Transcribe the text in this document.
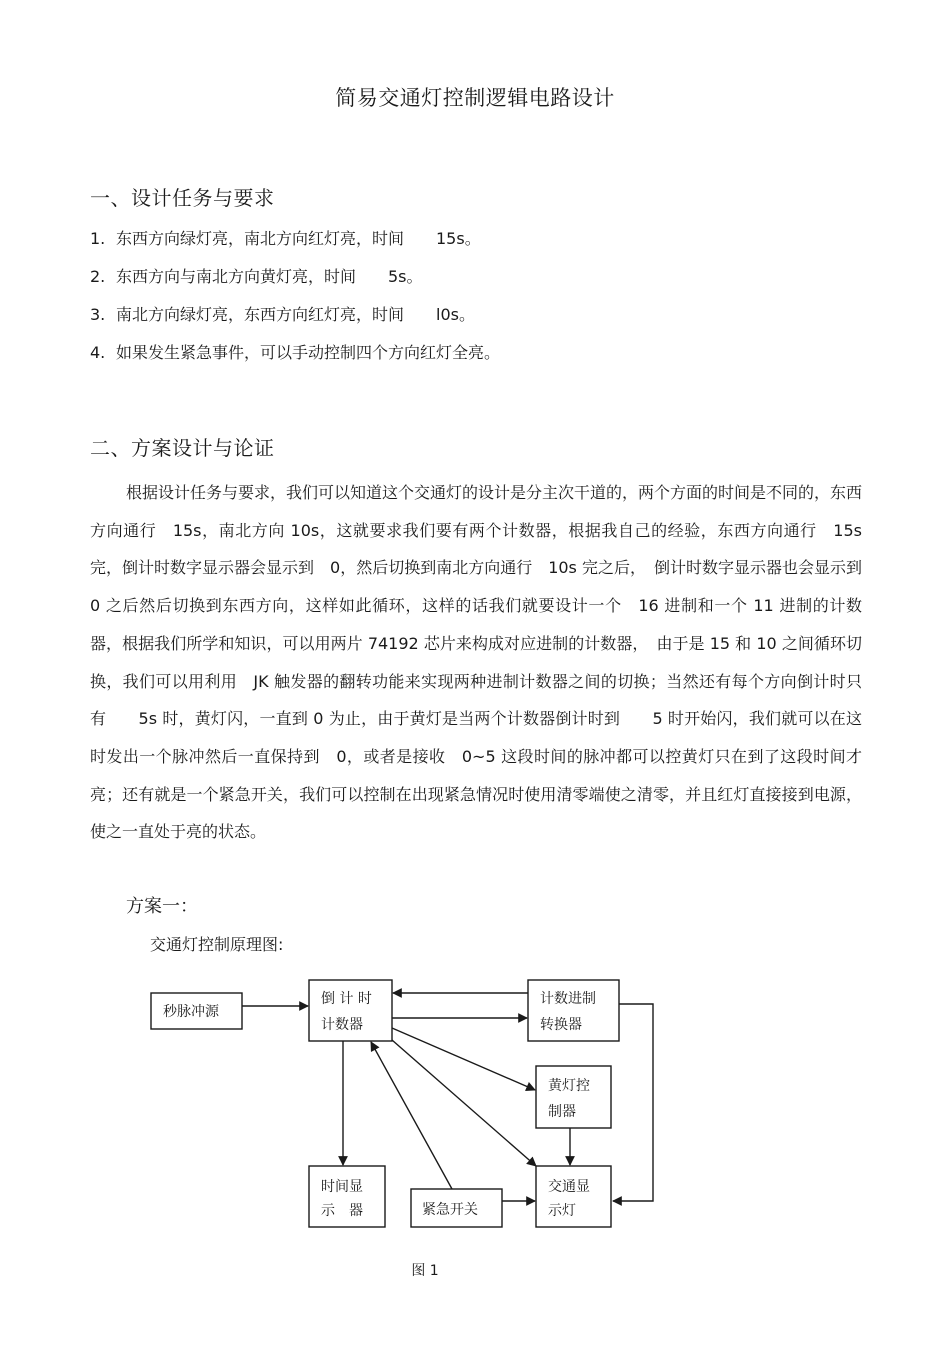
简易交通灯控制逻辑电路设计
一、设计任务与要求
1. 东西方向绿灯亮，南北方向红灯亮，时间　　15s。
2. 东西方向与南北方向黄灯亮，时间　　5s。
3. 南北方向绿灯亮，东西方向红灯亮，时间　　l0s。
4. 如果发生紧急事件，可以手动控制四个方向红灯全亮。
二、方案设计与论证

根据设计任务与要求，我们可以知道这个交通灯的设计是分主次干道的，两个方面的时间是不同的，东西方向通行　15s，南北方向 10s，这就要求我们要有两个计数器，根据我自己的经验，东西方向通行　15s 完，倒计时数字显示器会显示到　0，然后切换到南北方向通行　10s 完之后，　倒计时数字显示器也会显示到　0 之后然后切换到东西方向，这样如此循环，这样的话我们就要设计一个　16 进制和一个 11 进制的计数器，根据我们所学和知识，可以用两片 74192 芯片来构成对应进制的计数器，　由于是 15 和 10 之间循环切换，我们可以用利用　JK 触发器的翻转功能来实现两种进制计数器之间的切换；当然还有每个方向倒计时只有　　5s 时，黄灯闪，一直到 0 为止，由于黄灯是当两个计数器倒计时到　　5 时开始闪，我们就可以在这时发出一个脉冲然后一直保持到　0，或者是接收　0~5 这段时间的脉冲都可以控黄灯只在到了这段时间才亮；还有就是一个紧急开关，我们可以控制在出现紧急情况时使用清零端使之清零，并且红灯直接接到电源，使之一直处于亮的状态。

方案一：
交通灯控制原理图:
秒脉冲源
倒 计 时
计数器
计数进制
转换器
黄灯控
制器
时间显
示　器	紧急开关
交通显
示灯
图 1
